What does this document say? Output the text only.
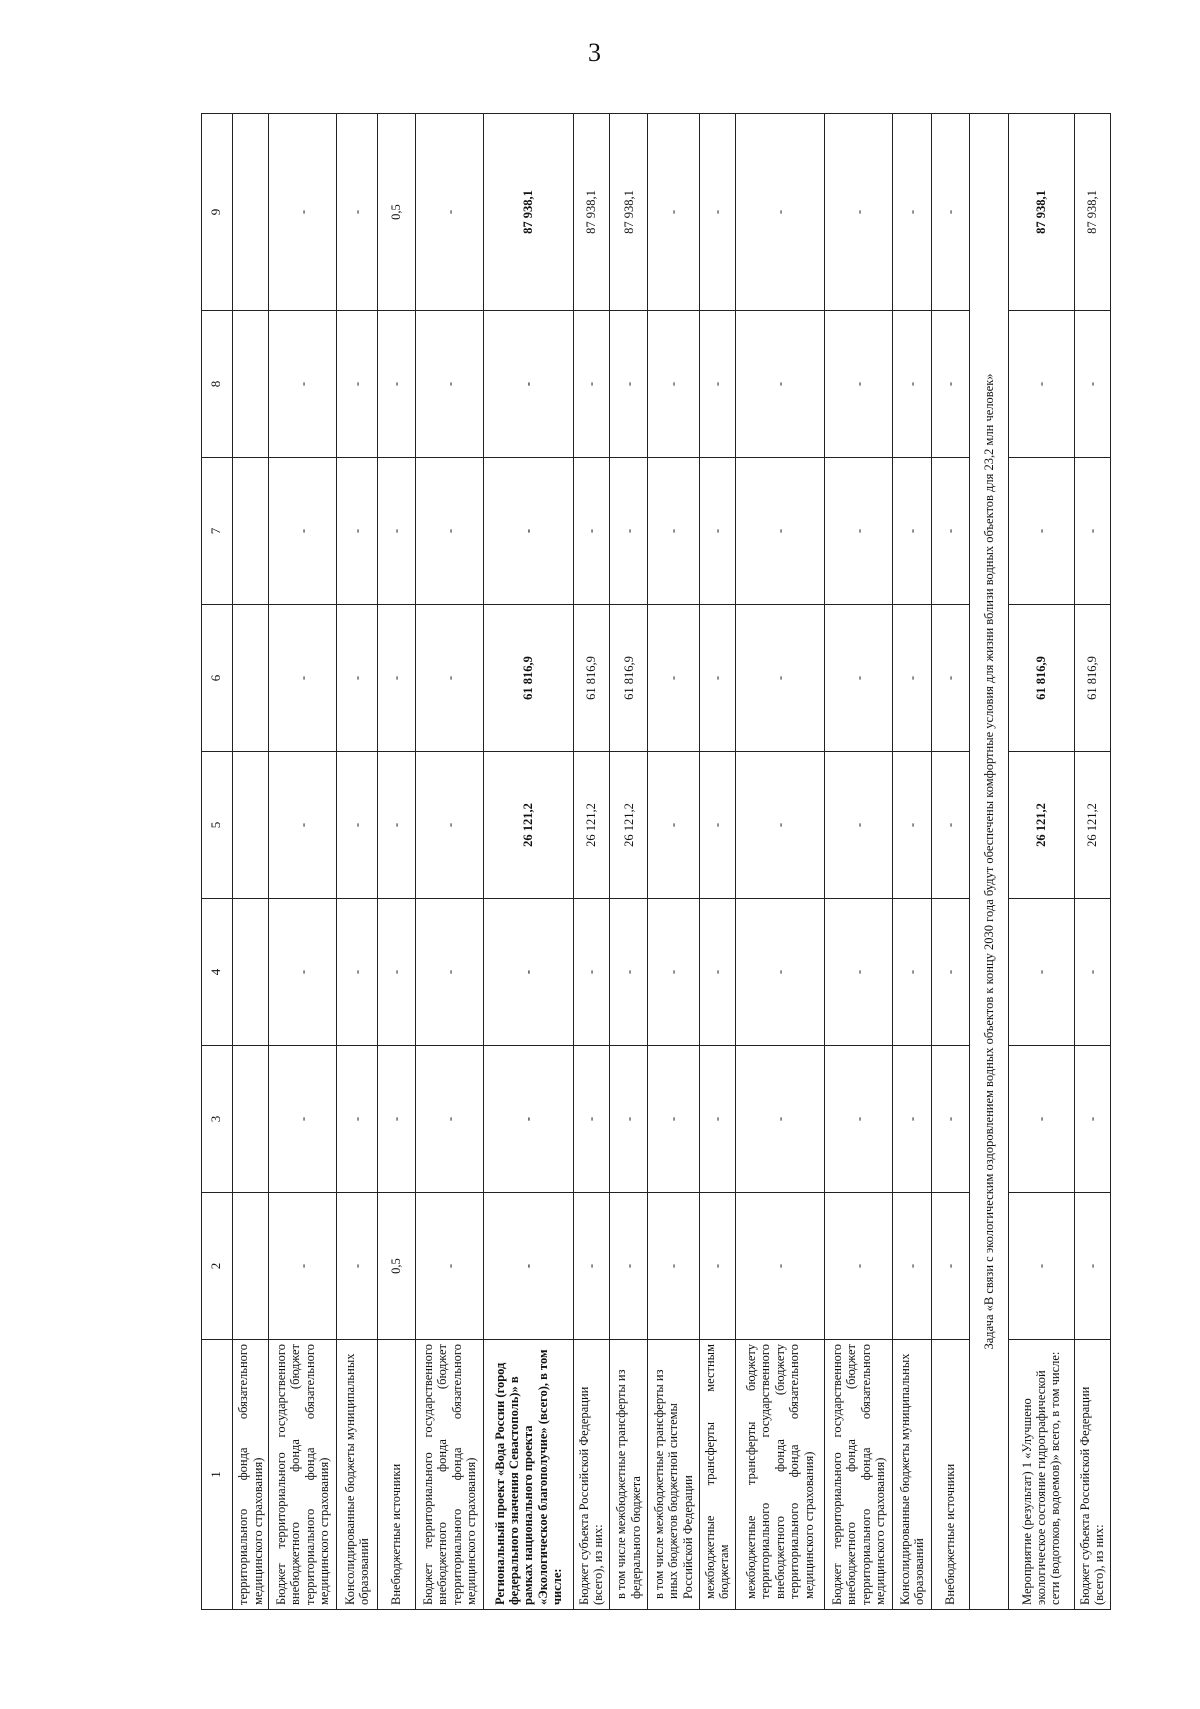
3
1	2	3	4	5	6	7	8	9
территориального фонда обязательного медицинского страхования)								
Бюджет территориального государственного внебюджетного фонда (бюджет территориального фонда обязательного медицинского страхования)	-	-	-	-	-	-	-	-
Консолидированные бюджеты муниципальных образований	-	-	-	-	-	-	-	-
Внебюджетные источники	0,5	-	-	-	-	-	-	0,5
Бюджет территориального государственного внебюджетного фонда (бюджет территориального фонда обязательного медицинского страхования)	-	-	-	-	-	-	-	-
Региональный проект «Вода России (город федерального значения Севастополь)» в рамках национального проекта «Экологическое благополучие» (всего), в том числе:	-	-	-	26 121,2	61 816,9	-	-	87 938,1
Бюджет субъекта Российской Федерации (всего), из них:	-	-	-	26 121,2	61 816,9	-	-	87 938,1
в том числе межбюджетные трансферты из федерального бюджета	-	-	-	26 121,2	61 816,9	-	-	87 938,1
в том числе межбюджетные трансферты из иных бюджетов бюджетной системы Российской Федерации	-	-	-	-	-	-	-	-
межбюджетные трансферты местным бюджетам	-	-	-	-	-	-	-	-
межбюджетные трансферты бюджету территориального государственного внебюджетного фонда (бюджету территориального фонда обязательного медицинского страхования)	-	-	-	-	-	-	-	-
Бюджет территориального государственного внебюджетного фонда (бюджет территориального фонда обязательного медицинского страхования)	-	-	-	-	-	-	-	-
Консолидированные бюджеты муниципальных образований	-	-	-	-	-	-	-	-
Внебюджетные источники	-	-	-	-	-	-	-	-
Задача «В связи с экологическим оздоровлением водных объектов к концу 2030 года будут обеспечены комфортные условия для жизни вблизи водных объектов для 23,2 млн человек»								
Мероприятие (результат) 1 «Улучшено экологическое состояние гидрографической сети (водотоков, водоемов)» всего, в том числе:	-	-	-	26 121,2	61 816,9	-	-	87 938,1
Бюджет субъекта Российской Федерации (всего), из них:	-	-	-	26 121,2	61 816,9	-	-	87 938,1
